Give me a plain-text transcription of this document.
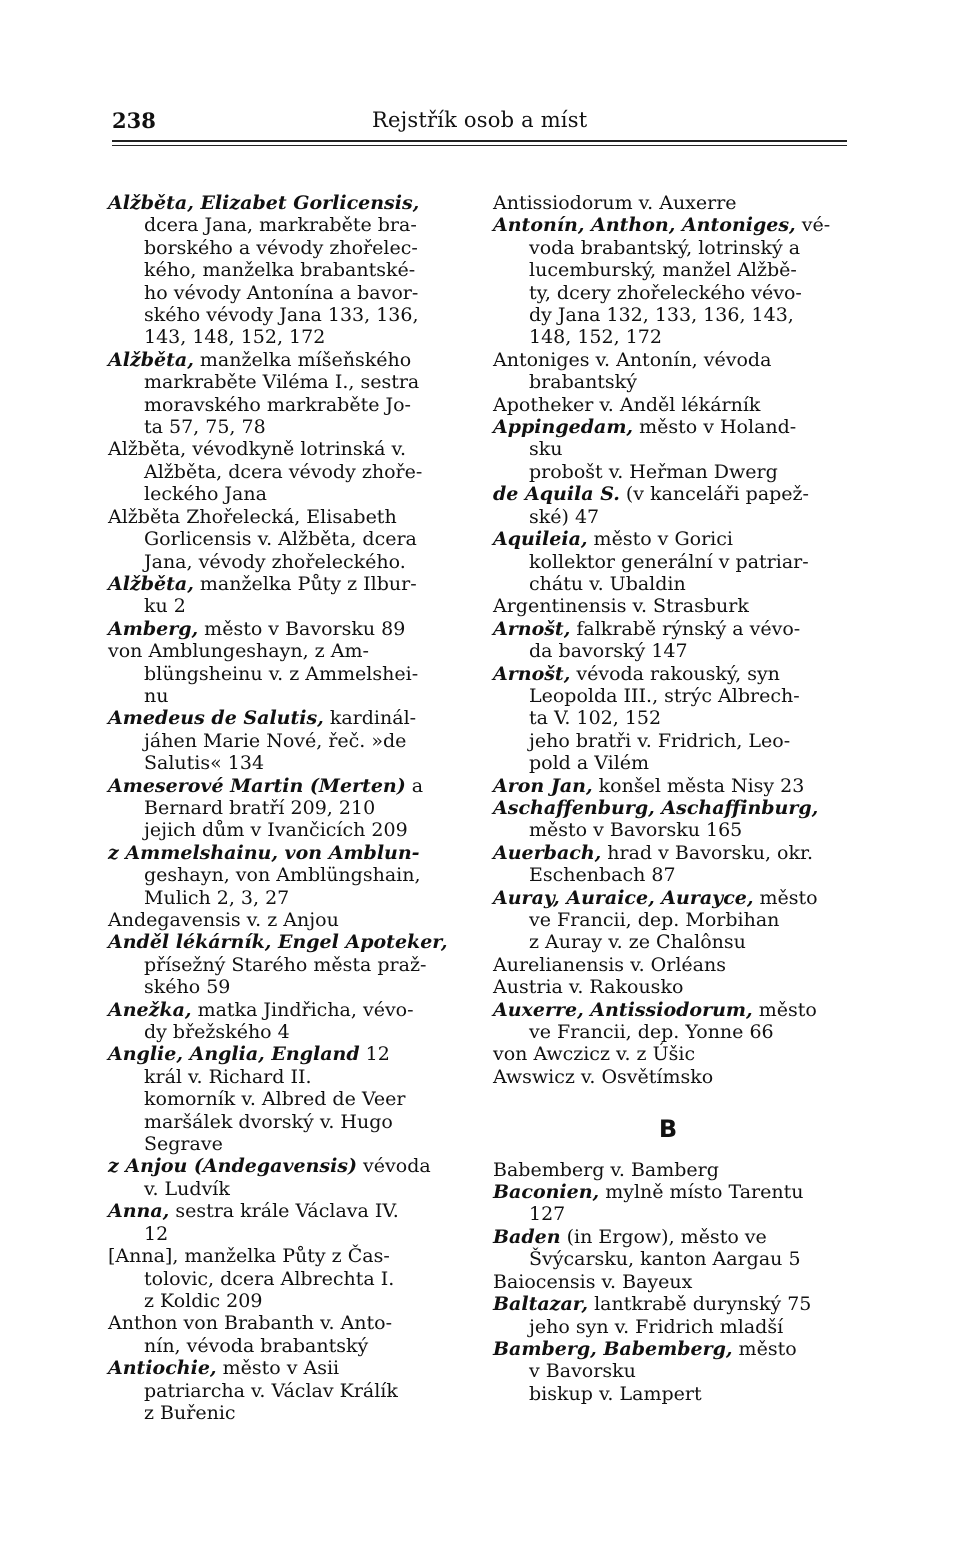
238	Rejstřík osob a míst
Alžběta, Elizabet Gorlicensis,
dcera Jana, markraběte bra-
borského a vévody zhořelec-
kého, manželka brabantské-
ho vévody Antonína a bavor-
ského vévody Jana 133, 136,
143, 148, 152, 172
Alžběta, manželka míšeňského
markraběte Viléma I., sestra
moravského markraběte Jo-
ta 57, 75, 78
Alžběta, vévodkyně lotrinská v.
Alžběta, dcera vévody zhoře-
leckého Jana
Alžběta Zhořelecká, Elisabeth
Gorlicensis v. Alžběta, dcera
Jana, vévody zhořeleckého.
Alžběta, manželka Půty z Ilbur-
ku 2
Amberg, město v Bavorsku 89
von Amblungeshayn, z Am-
blüngsheinu v. z Ammelshei-
nu
Amedeus de Salutis, kardinál-
jáhen Marie Nové, řeč. »de
Salutis« 134
Ameserové Martin (Merten) a
Bernard bratří 209, 210
jejich dům v Ivančicích 209
z Ammelshainu, von Amblun-
geshayn, von Amblüngshain,
Mulich 2, 3, 27
Andegavensis v. z Anjou
Anděl lékárník, Engel Apoteker,
přísežný Starého města praž-
ského 59
Anežka, matka Jindřicha, vévo-
dy břežského 4
Anglie, Anglia, England 12
král v. Richard II.
komorník v. Albred de Veer
maršálek dvorský v. Hugo
Segrave
z Anjou (Andegavensis) vévoda
v. Ludvík
Anna, sestra krále Václava IV.
12
[Anna], manželka Půty z Čas-
tolovic, dcera Albrechta I.
z Koldic 209
Anthon von Brabanth v. Anto-
nín, vévoda brabantský
Antiochie, město v Asii
patriarcha v. Václav Králík
z Buřenic
Antissiodorum v. Auxerre
Antonín, Anthon, Antoniges, vé-
voda brabantský, lotrinský a
lucemburský, manžel Alžbě-
ty, dcery zhořeleckého vévo-
dy Jana 132, 133, 136, 143,
148, 152, 172
Antoniges v. Antonín, vévoda
brabantský
Apotheker v. Anděl lékárník
Appingedam, město v Holand-
sku
probošt v. Heřman Dwerg
de Aquila S. (v kanceláři papež-
ské) 47
Aquileia, město v Gorici
kollektor generální v patriar-
chátu v. Ubaldin
Argentinensis v. Strasburk
Arnošt, falkrabě rýnský a vévo-
da bavorský 147
Arnošt, vévoda rakouský, syn
Leopolda III., strýc Albrech-
ta V. 102, 152
jeho bratři v. Fridrich, Leo-
pold a Vilém
Aron Jan, konšel města Nisy 23
Aschaffenburg, Aschaffinburg,
město v Bavorsku 165
Auerbach, hrad v Bavorsku, okr.
Eschenbach 87
Auray, Auraice, Aurayce, město
ve Francii, dep. Morbihan
z Auray v. ze Chalônsu
Aurelianensis v. Orléans
Austria v. Rakousko
Auxerre, Antissiodorum, město
ve Francii, dep. Yonne 66
von Awczicz v. z Úšic
Awswicz v. Osvětímsko
B
Babemberg v. Bamberg
Baconien, mylně místo Tarentu
127
Baden (in Ergow), město ve
Švýcarsku, kanton Aargau 5
Baiocensis v. Bayeux
Baltazar, lantkrabě durynský 75
jeho syn v. Fridrich mladší
Bamberg, Babemberg, město
v Bavorsku
biskup v. Lampert
